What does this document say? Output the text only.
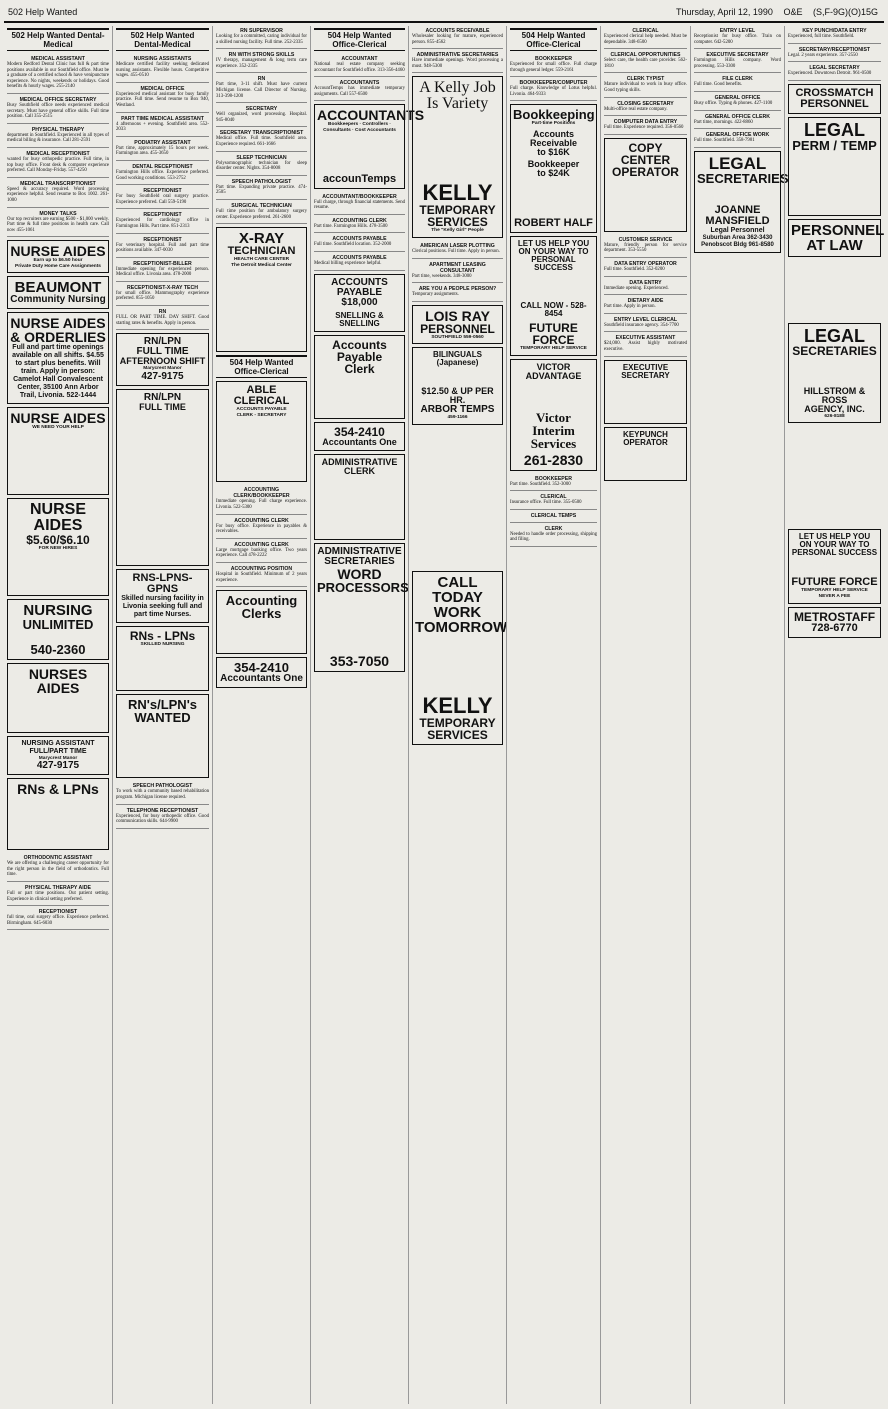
502 Help Wanted	Thursday, April 12, 1990 O&E (S,F-9G)(O)15G
502 Help Wanted Dental-Medical
MEDICAL ASSISTANT
Modern Redford Dental Clinic has full & part time positions available in our Southfield office. Must be a graduate of a certified school & have venipuncture experience. No nights, weekends or holidays. Good benefits & hourly wages. 255-2140
MEDICAL OFFICE SECRETARY
Busy Southfield office needs experienced medical secretary. Must have general office skills. Full time position. Call 355-2515
PHYSICAL THERAPY
department in Southfield. Experienced in all types of medical billing & insurance. Call 281-2591
MEDICAL RECEPTIONIST
wanted for busy orthopedic practice. Full time, in top busy office. Front desk & computer experience preferred. Call Monday-Friday. 557-4250
MEDICAL TRANSCRIPTIONIST
Speed & accuracy required. Word processing experience helpful. Send resume to Box 1002. 261-1000
MONEY TALKS
Our top recruiters are earning $500 - $1,000 weekly. Part time & full time positions in health care. Call now 455-1061
NURSE AIDES
Earn up to $6.50 hour
Private Duty Home Care Assignments
BEAUMONT
Community Nursing
NURSE AIDES
& ORDERLIES
Full and part time openings available on all shifts. $4.55 to start plus benefits. Will train. Apply in person: Camelot Hall Convalescent Center, 35100 Ann Arbor Trail, Livonia. 522-1444
NURSE AIDES
WE NEED YOUR HELP
NURSE AIDES
$5.60/$6.10
FOR NEW HIRES
NURSING
UNLIMITED
540-2360
NURSES
AIDES
NURSING ASSISTANT
FULL/PART TIME
Marycrest Manor
427-9175
RNs & LPNs
ORTHODONTIC ASSISTANT
We are offering a challenging career opportunity for the right person in the field of orthodontics. Full time.
PHYSICAL THERAPY AIDE
Full or part time positions. Out patient setting. Experience in clinical setting preferred.
RECEPTIONIST
full time, oral surgery office. Experience preferred. Birmingham. 645-6030
502 Help Wanted Dental-Medical
NURSING ASSISTANTS
Medicare certified facility seeking dedicated nursing assistants. Flexible hours. Competitive wages. 455-0510
MEDICAL OFFICE
Experienced medical assistant for busy family practice. Full time. Send resume to Box 940, Westland.
PART TIME MEDICAL ASSISTANT
4 afternoons + evening. Southfield area. 552-2033
PODIATRY ASSISTANT
Part time, approximately 15 hours per week. Farmington area. 455-3650
DENTAL RECEPTIONIST
Farmington Hills office. Experience preferred. Good working conditions. 553-2752
RECEPTIONIST
For busy Southfield oral surgery practice. Experience preferred. Call 559-5190
RECEPTIONIST
Experienced for cardiology office in Farmington Hills. Part time. 851-2313
RECEPTIONIST
For veterinary hospital. Full and part time positions available. 347-0030
RECEPTIONIST-BILLER
Immediate opening for experienced person. Medical office. Livonia area. 478-2000
RECEPTIONIST-X-RAY TECH
for small office. Mammography experience preferred. 855-1050
RN
FULL OR PART TIME. DAY SHIFT. Good starting rates & benefits. Apply in person.
RN/LPN
FULL TIME
AFTERNOON SHIFT
Marycrest Manor
427-9175
RN/LPN
FULL TIME
RNS-LPNS-GPNS
Skilled nursing facility in Livonia seeking full and part time Nurses.
RNs - LPNs
SKILLED NURSING
RN's/LPN's
WANTED
SPEECH PATHOLOGIST
To work with a community based rehabilitation program. Michigan license required.
TELEPHONE RECEPTIONIST
Experienced, for busy orthopedic office. Good communication skills. 644-9900
RN SUPERVISOR
Looking for a committed, caring individual for a skilled nursing facility. Full time. 252-2335
RN WITH STRONG SKILLS
IV therapy, management & long term care experience. 352-2335
RN
Part time, 3-11 shift. Must have current Michigan license. Call Director of Nursing. 313-398-1200
SECRETARY
Well organized, word processing. Hospital. 945-8040
SECRETARY TRANSCRIPTIONIST
Medical office. Full time. Southfield area. Experience required. 661-1666
SLEEP TECHNICIAN
Polysomnographic technician for sleep disorder center. Nights. 354-8008
SPEECH PATHOLOGIST
Part time. Expanding private practice. 474-2505
SURGICAL TECHNICIAN
Full time position for ambulatory surgery center. Experience preferred. 261-2600
X-RAY
TECHNICIAN
HEALTH CARE CENTER
The Detroit Medical Center
504 Help Wanted Office-Clerical
ABLE CLERICAL
ACCOUNTS PAYABLE
CLERK - SECRETARY
ACCOUNTING CLERK/BOOKKEEPER
Immediate opening. Full charge experience. Livonia. 522-5300
ACCOUNTING CLERK
For busy office. Experience in payables & receivables.
ACCOUNTING CLERK
Large mortgage banking office. Two years experience. Call 478-2222
ACCOUNTING POSITION
Hospital in Southfield. Minimum of 2 years experience.
Accounting Clerks
354-2410
Accountants One
504 Help Wanted Office-Clerical
ACCOUNTANT
National real estate company seeking accountant for Southfield office. 313-356-4460
ACCOUNTANTS
AccountTemps has immediate temporary assignments. Call 557-6500
ACCOUNTANTS
Bookkeepers · Controllers · Consultants · Cost Accountants
accounTemps
ACCOUNTANT/BOOKKEEPER
Full charge, through financial statements. Send resume.
ACCOUNTING CLERK
Part time. Farmington Hills. 478-3500
ACCOUNTS PAYABLE
Full time. Southfield location. 352-2000
ACCOUNTS PAYABLE
Medical billing experience helpful.
ACCOUNTS PAYABLE
$18,000
SNELLING & SNELLING
Accounts Payable
Clerk
354-2410
Accountants One
ADMINISTRATIVE CLERK
ADMINISTRATIVE
SECRETARIES
WORD
PROCESSORS
353-7050
ACCOUNTS RECEIVABLE
Wholesaler looking for mature, experienced person. 855-4562
ADMINISTRATIVE SECRETARIES
Have immediate openings. Word processing a must. 948-5300
A Kelly Job
Is Variety
KELLY
TEMPORARY
SERVICES
The "Kelly Girl" People
AMERICAN LASER PLOTTING
Clerical positions. Full time. Apply in person.
APARTMENT LEASING CONSULTANT
Part time, weekends. 348-3000
ARE YOU A PEOPLE PERSON?
Temporary assignments.
LOIS RAY
PERSONNEL
SOUTHFIELD 559-0560
BILINGUALS (Japanese)
$12.50 & UP PER HR.
ARBOR TEMPS
459-1166
CALL TODAY
WORK
TOMORROW
KELLY
TEMPORARY
SERVICES
504 Help Wanted Office-Clerical
BOOKKEEPER
Experienced for small office. Full charge through general ledger. 559-2161
BOOKKEEPER/COMPUTER
Full charge. Knowledge of Lotus helpful. Livonia. 464-9333
Bookkeeping
Part-time Positions
Accounts
Receivable
to $16K
Bookkeeper
to $24K
ROBERT HALF
LET US HELP YOU
ON YOUR WAY TO
PERSONAL SUCCESS
CALL NOW - 528-8454
FUTURE FORCE
TEMPORARY HELP SERVICE
VICTOR ADVANTAGE
Victor
Interim
Services
261-2830
BOOKKEEPER
Part time. Southfield. 352-3000
CLERICAL
Insurance office. Full time. 355-0500
CLERICAL TEMPS
CLERK
Needed to handle order processing, shipping and filing.
CLERICAL
Experienced clerical help needed. Must be dependable. 348-6500
CLERICAL OPPORTUNITIES
Select care, the health care provider. 562-1810
CLERK TYPIST
Mature individual to work in busy office. Good typing skills.
CLOSING SECRETARY
Multi-office real estate company.
COMPUTER DATA ENTRY
Full time. Experience required. 356-0560
COPY CENTER
OPERATOR
CUSTOMER SERVICE
Mature, friendly person for service department. 353-5550
DATA ENTRY OPERATOR
Full time. Southfield. 352-0200
DATA ENTRY
Immediate opening. Experienced.
DIETARY AIDE
Part time. Apply in person.
ENTRY LEVEL CLERICAL
Southfield insurance agency. 354-7700
EXECUTIVE ASSISTANT
$24,000. Assist highly motivated executive.
EXECUTIVE SECRETARY
KEYPUNCH OPERATOR
ENTRY LEVEL
Receptionist for busy office. Train on computer. 642-5200
EXECUTIVE SECRETARY
Farmington Hills company. Word processing. 553-3300
FILE CLERK
Full time. Good benefits.
GENERAL OFFICE
Busy office. Typing & phones. 427-1100
GENERAL OFFICE CLERK
Part time, mornings. 422-8860
GENERAL OFFICE WORK
Full time. Southfield. 358-7981
LEGAL
SECRETARIES
JOANNE
MANSFIELD
Legal Personnel
Suburban Area 362-3430
Penobscot Bldg 961-8580
KEY PUNCH/DATA ENTRY
Experienced, full time. Southfield.
SECRETARY/RECEPTIONIST
Legal. 2 years experience. 357-2550
LEGAL SECRETARY
Experienced. Downtown Detroit. 961-0500
CROSSMATCH
PERSONNEL
LEGAL
PERM / TEMP
PERSONNEL
AT LAW
LEGAL
SECRETARIES
HILLSTROM & ROSS
AGENCY, INC.
626-8188
LET US HELP YOU
ON YOUR WAY TO
PERSONAL SUCCESS
FUTURE FORCE
TEMPORARY HELP SERVICE
NEVER A FEE
METROSTAFF
728-6770
